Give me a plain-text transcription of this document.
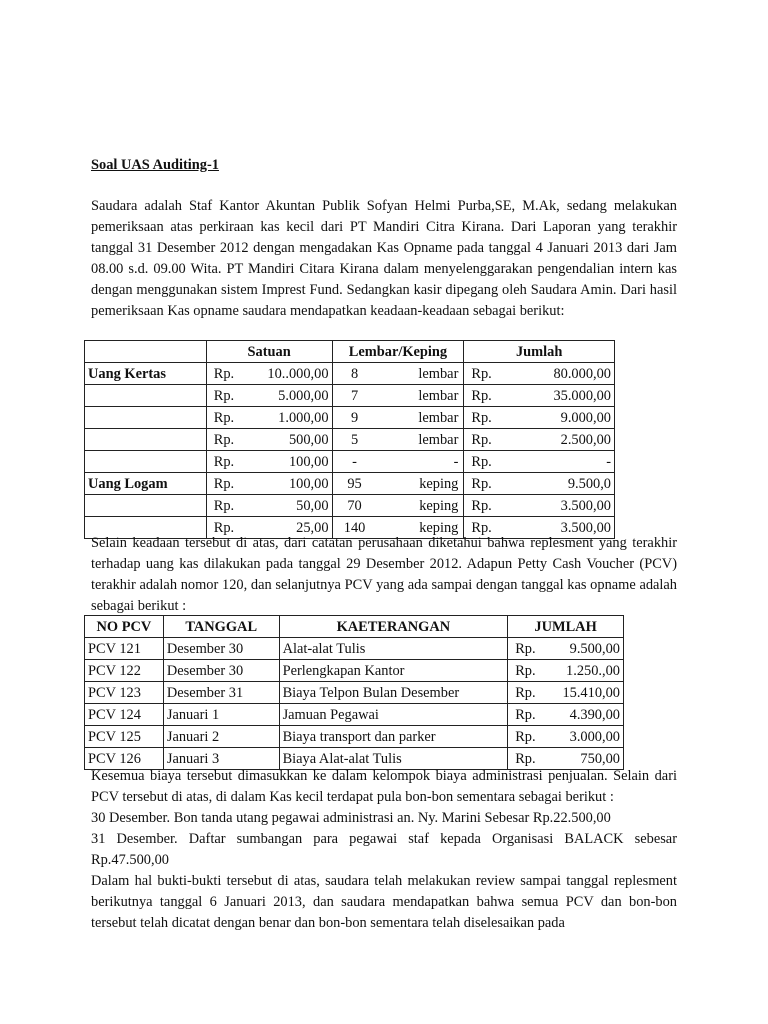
Soal UAS Auditing-1

Saudara adalah Staf Kantor Akuntan Publik Sofyan Helmi Purba,SE, M.Ak, sedang melakukan pemeriksaan atas perkiraan kas kecil dari PT Mandiri Citra Kirana. Dari Laporan yang terakhir tanggal 31 Desember 2012 dengan mengadakan Kas Opname pada tanggal 4 Januari 2013 dari Jam 08.00 s.d. 09.00 Wita. PT Mandiri Citara Kirana dalam menyelenggarakan pengendalian intern kas dengan menggunakan sistem Imprest Fund. Sedangkan kasir dipegang oleh Saudara Amin. Dari hasil pemeriksaan Kas opname saudara mendapatkan keadaan-keadaan sebagai berikut:

	Satuan	Lembar/Keping	Jumlah
Uang Kertas	Rp. 10..000,00	8 lembar	Rp. 80.000,00

	Rp. 5.000,00	7 lembar	Rp. 35.000,00

	Rp. 1.000,00	9 lembar	Rp. 9.000,00

	Rp. 500,00	5 lembar	Rp. 2.500,00

	Rp. 100,00	- -	Rp. -

Uang Logam	Rp. 100,00	95 keping	Rp. 9.500,0

	Rp. 50,00	70 keping	Rp. 3.500,00

	Rp. 25,00	140 keping	Rp. 3.500,00

Selain keadaan tersebut di atas, dari catatan perusahaan diketahui bahwa replesment yang terakhir terhadap uang kas dilakukan pada tanggal 29 Desember 2012. Adapun Petty Cash Voucher (PCV) terakhir adalah nomor 120, dan selanjutnya PCV yang ada sampai dengan tanggal kas opname adalah sebagai berikut :

NO PCV	TANGGAL	KAETERANGAN	JUMLAH
PCV 121	Desember 30	Alat-alat Tulis	Rp. 9.500,00

PCV 122	Desember 30	Perlengkapan Kantor	Rp. 1.250.,00

PCV 123	Desember 31	Biaya Telpon Bulan Desember	Rp. 15.410,00

PCV 124	Januari 1	Jamuan Pegawai	Rp. 4.390,00

PCV 125	Januari 2	Biaya transport dan parker	Rp. 3.000,00

PCV 126	Januari 3	Biaya Alat-alat Tulis	Rp. 750,00

Kesemua biaya tersebut dimasukkan ke dalam kelompok biaya administrasi penjualan. Selain dari PCV tersebut di atas, di dalam Kas kecil terdapat pula bon-bon sementara sebagai berikut :

30 Desember. Bon tanda utang pegawai administrasi an. Ny. Marini Sebesar Rp.22.500,00

31 Desember. Daftar sumbangan para pegawai staf kepada Organisasi BALACK sebesar Rp.47.500,00

Dalam hal bukti-bukti tersebut di atas, saudara telah melakukan review sampai tanggal replesment berikutnya tanggal 6 Januari 2013, dan saudara mendapatkan bahwa semua PCV dan bon-bon tersebut telah dicatat dengan benar dan bon-bon sementara telah diselesaikan pada
